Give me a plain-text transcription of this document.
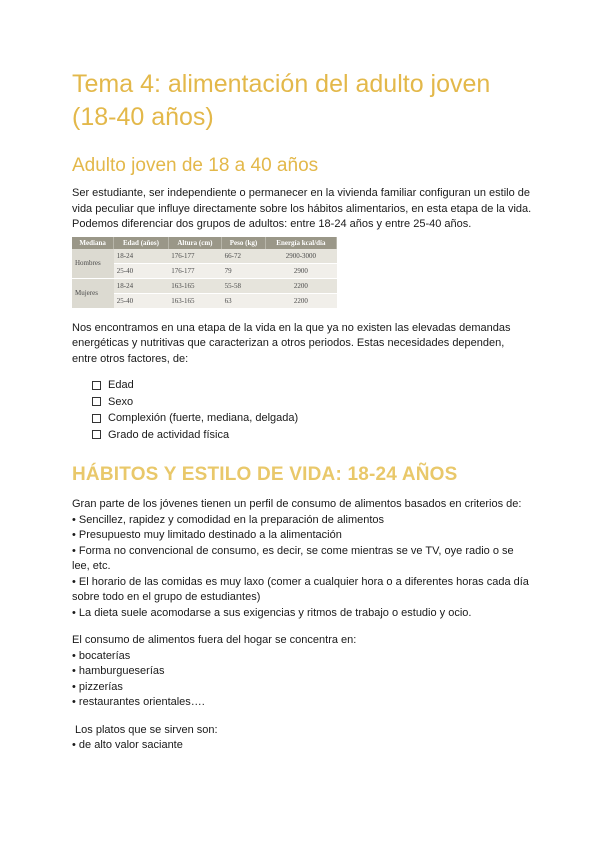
Tema 4: alimentación del adulto joven
(18-40 años)
Adulto joven de 18 a 40 años

Ser estudiante, ser independiente o permanecer en la vivienda familiar configuran un estilo de vida peculiar que influye directamente sobre los hábitos alimentarios, en esta etapa de la vida.

Podemos diferenciar dos grupos de adultos: entre 18-24 años y entre 25-40 años.

Mediana	Edad (años)	Altura (cm)	Peso (kg)	Energía kcal/día
Hombres	18-24	176-177	66-72	2900-3000
	25-40	176-177	79	2900
Mujeres	18-24	163-165	55-58	2200
	25-40	163-165	63	2200

Nos encontramos en una etapa de la vida en la que ya no existen las elevadas demandas energéticas y nutritivas que caracterizan a otros periodos. Estas necesidades dependen, entre otros factores, de:

Edad
Sexo
Complexión (fuerte, mediana, delgada)
Grado de actividad física
HÁBITOS Y ESTILO DE VIDA: 18-24 AÑOS

Gran parte de los jóvenes tienen un perfil de consumo de alimentos basados en criterios de:

• Sencillez, rapidez y comodidad en la preparación de alimentos

• Presupuesto muy limitado destinado a la alimentación

• Forma no convencional de consumo, es decir, se come mientras se ve TV, oye radio o se lee, etc.

• El horario de las comidas es muy laxo (comer a cualquier hora o a diferentes horas cada día sobre todo en el grupo de estudiantes)

• La dieta suele acomodarse a sus exigencias y ritmos de trabajo o estudio y ocio.

El consumo de alimentos fuera del hogar se concentra en:

• bocaterías

• hamburgueserías

• pizzerías

• restaurantes orientales….

Los platos que se sirven son:

• de alto valor saciante
